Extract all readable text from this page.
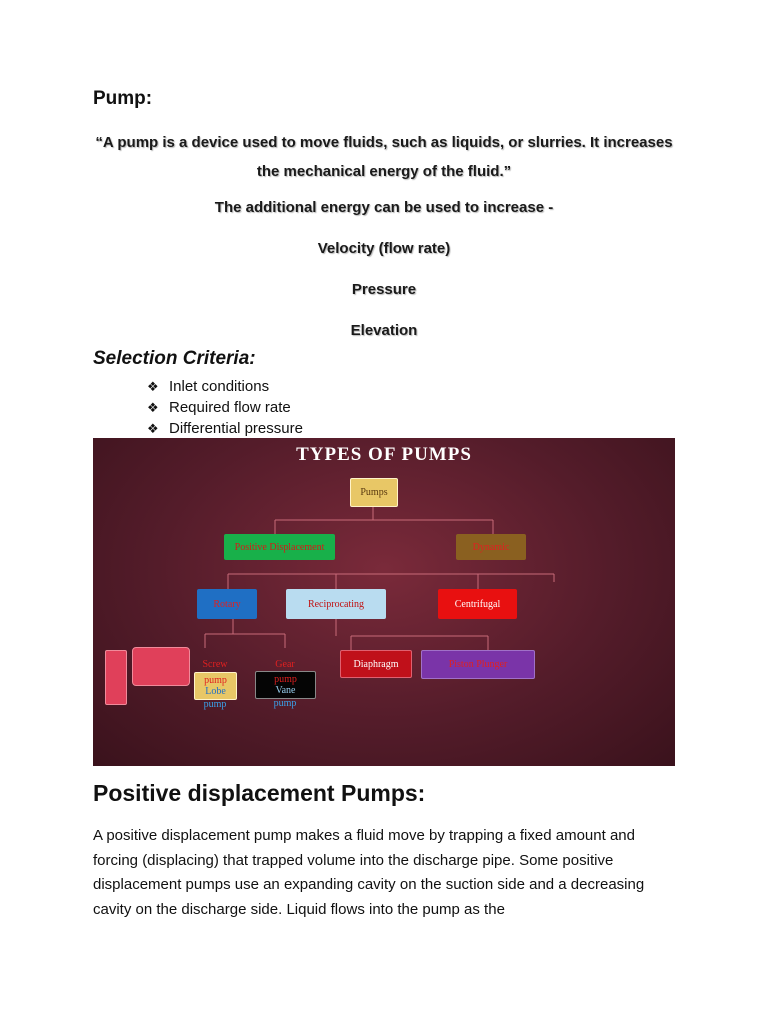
Pump:
“A pump is a device used to move fluids, such as liquids, or slurries. It increases
the mechanical energy of the fluid.”
The additional energy can be used to increase -
Velocity (flow rate)
Pressure
Elevation
Selection Criteria:
❖ Inlet conditions
❖ Required flow rate
❖ Differential pressure
TYPES OF PUMPS
Pumps
Positive Displacement	Dynamic
Rotary	Reciprocating	Centrifugal
Screw
pump
Lobe
pump
Gear
pump
Vane
pump
Diaphragm	Piston Plunger
Positive displacement Pumps:

A positive displacement pump makes a fluid move by trapping a fixed amount and forcing (displacing) that trapped volume into the discharge pipe. Some positive displacement pumps use an expanding cavity on the suction side and a decreasing cavity on the discharge side. Liquid flows into the pump as the
